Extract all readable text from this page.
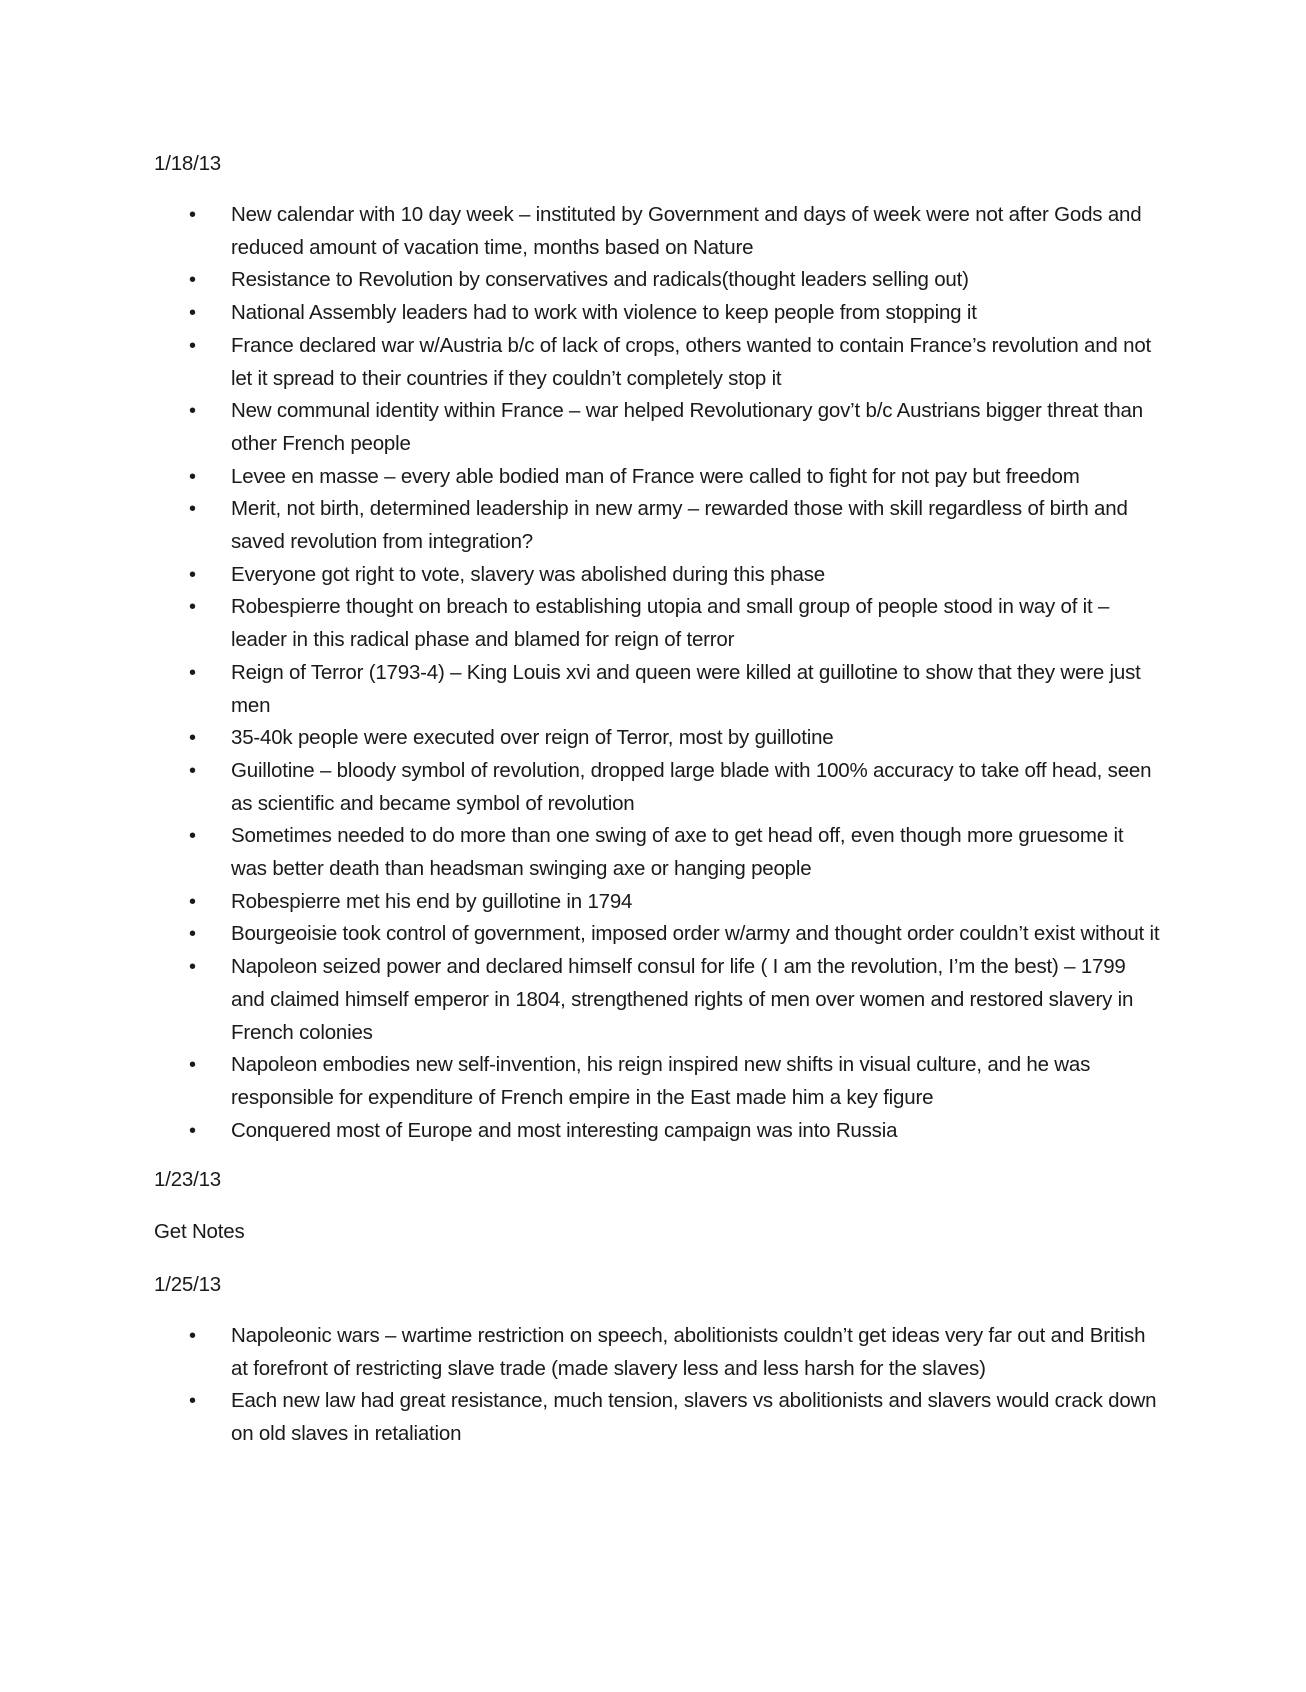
1/18/13

• New calendar with 10 day week – instituted by Government and days of week were not after Gods and reduced amount of vacation time, months based on Nature
• Resistance to Revolution by conservatives and radicals(thought leaders selling out)
• National Assembly leaders had to work with violence to keep people from stopping it
• France declared war w/Austria b/c of lack of crops, others wanted to contain France’s revolution and not let it spread to their countries if they couldn’t completely stop it
• New communal identity within France – war helped Revolutionary gov’t b/c Austrians bigger threat than other French people
• Levee en masse – every able bodied man of France were called to fight for not pay but freedom
• Merit, not birth, determined leadership in new army – rewarded those with skill regardless of birth and saved revolution from integration?
• Everyone got right to vote, slavery was abolished during this phase
• Robespierre thought on breach to establishing utopia and small group of people stood in way of it – leader in this radical phase and blamed for reign of terror
• Reign of Terror (1793-4) – King Louis xvi and queen were killed at guillotine to show that they were just men
• 35-40k people were executed over reign of Terror, most by guillotine
• Guillotine – bloody symbol of revolution, dropped large blade with 100% accuracy to take off head, seen as scientific and became symbol of revolution
• Sometimes needed to do more than one swing of axe to get head off, even though more gruesome it was better death than headsman swinging axe or hanging people
• Robespierre met his end by guillotine in 1794
• Bourgeoisie took control of government, imposed order w/army and thought order couldn’t exist without it
• Napoleon seized power and declared himself consul for life ( I am the revolution, I’m the best) – 1799 and claimed himself emperor in 1804, strengthened rights of men over women and restored slavery in French colonies
• Napoleon embodies new self-invention, his reign inspired new shifts in visual culture, and he was responsible for expenditure of French empire in the East made him a key figure
• Conquered most of Europe and most interesting campaign was into Russia

1/23/13

Get Notes

1/25/13

• Napoleonic wars – wartime restriction on speech, abolitionists couldn’t get ideas very far out and British at forefront of restricting slave trade (made slavery less and less harsh for the slaves)
• Each new law had great resistance, much tension, slavers vs abolitionists and slavers would crack down on old slaves in retaliation
